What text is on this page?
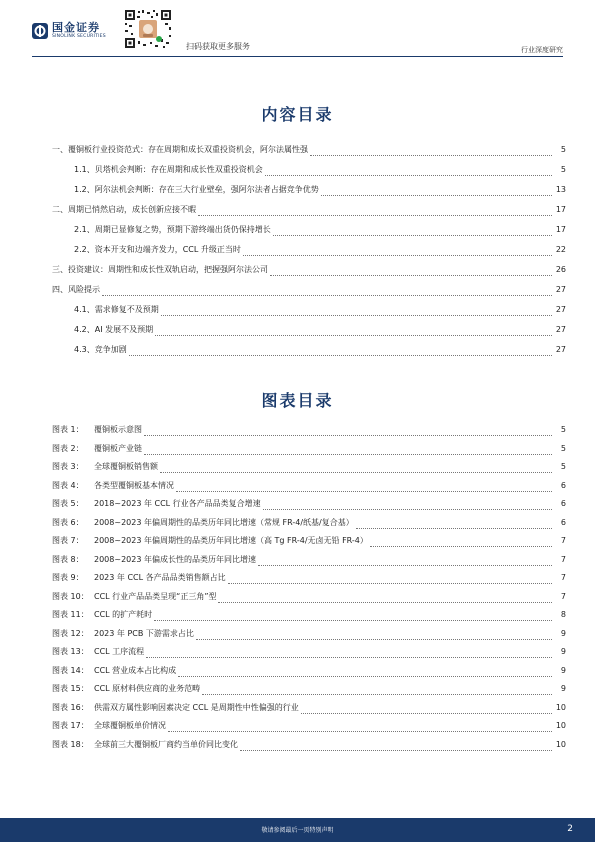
国金证券
SINOLINK SECURITIES
扫码获取更多服务	行业深度研究
内容目录
一、覆铜板行业投资范式：存在周期和成长双重投资机会，阿尔法属性强	5
1.1、贝塔机会判断：存在周期和成长性双重投资机会	5
1.2、阿尔法机会判断：存在三大行业壁垒，强阿尔法者占据竞争优势	13
二、周期已悄然启动，成长创新应接不暇	17
2.1、周期已显修复之势，预期下游终端出货仍保持增长	17
2.2、资本开支和边端齐发力，CCL 升级正当时	22
三、投资建议：周期性和成长性双轨启动，把握强阿尔法公司	26
四、风险提示	27
4.1、需求修复不及预期	27
4.2、AI 发展不及预期	27
4.3、竞争加剧	27
图表目录
图表 1： 覆铜板示意图	5
图表 2： 覆铜板产业链	5
图表 3： 全球覆铜板销售额	5
图表 4： 各类型覆铜板基本情况	6
图表 5： 2018~2023 年 CCL 行业各产品品类复合增速	6
图表 6： 2008~2023 年偏周期性的品类历年同比增速（常规 FR-4/纸基/复合基）	6
图表 7： 2008~2023 年偏周期性的品类历年同比增速（高 Tg FR-4/无卤无铅 FR-4）	7
图表 8： 2008~2023 年偏成长性的品类历年同比增速	7
图表 9： 2023 年 CCL 各产品品类销售额占比	7
图表 10： CCL 行业产品品类呈现“正三角”型	7
图表 11： CCL 的扩产耗时	8
图表 12： 2023 年 PCB 下游需求占比	9
图表 13： CCL 工序流程	9
图表 14： CCL 营业成本占比构成	9
图表 15： CCL 原材料供应商的业务范畴	9
图表 16： 供需双方属性影响因素决定 CCL 是周期性中性偏强的行业	10
图表 17： 全球覆铜板单价情况	10
图表 18： 全球前三大覆铜板厂商约当单价同比变化	10
敬请参阅最后一页特别声明	2
